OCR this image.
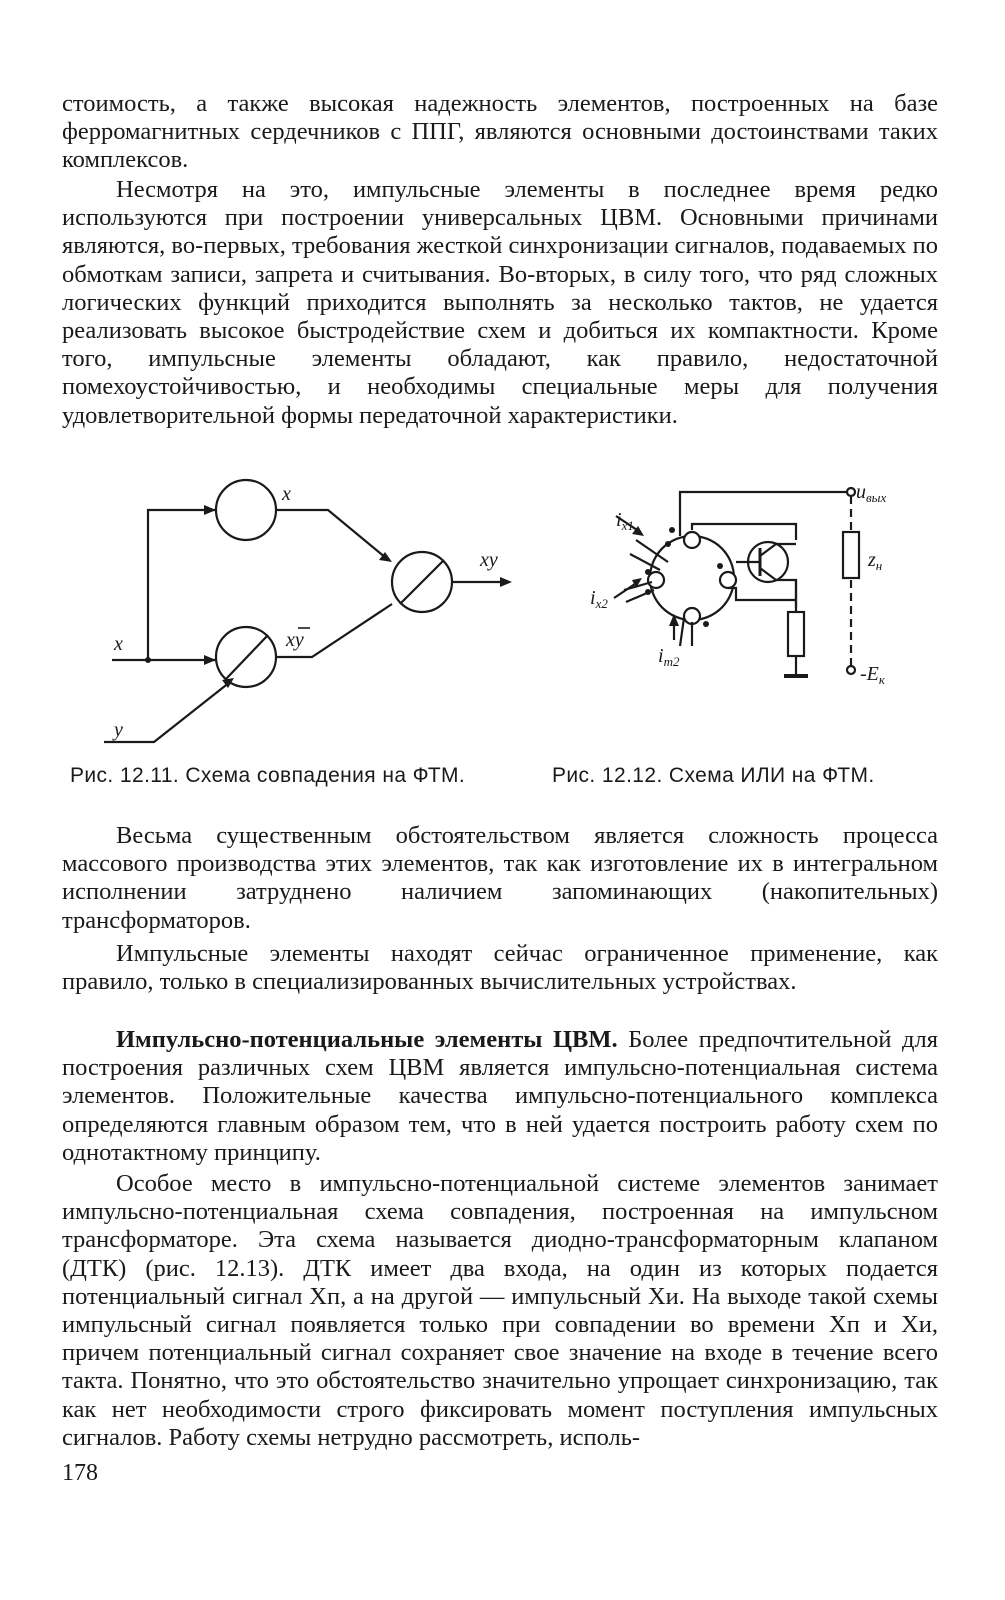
стоимость, а также высокая надежность элементов, построенных на базе ферромагнитных сердечников с ППГ, являются основными достоинствами таких комплексов.

Несмотря на это, импульсные элементы в последнее время редко используются при построении универсальных ЦВМ. Основными причинами являются, во-первых, требования жесткой синхронизации сигналов, подаваемых по обмоткам записи, запрета и считывания. Во-вторых, в силу того, что ряд сложных логических функций приходится выполнять за несколько тактов, не удается реализовать высокое быстродействие схем и добиться их компактности. Кроме того, импульсные элементы обладают, как правило, недостаточной помехоустойчивостью, и необходимы специальные меры для получения удовлетворительной формы передаточной характеристики.

x
x
y
xy
xy
Рис. 12.11. Схема совпадения на ФТМ.
$u_{вых}$
$i_{x1}$
$i_{x2}$
$i_{т2}$
$z_н$
$-E_к$
Рис. 12.12. Схема ИЛИ на ФТМ.

Весьма существенным обстоятельством является сложность процесса массового производства этих элементов, так как изготовление их в интегральном исполнении затруднено наличием запоминающих (накопительных) трансформаторов.

Импульсные элементы находят сейчас ограниченное применение, как правило, только в специализированных вычислительных устройствах.

Импульсно-потенциальные элементы ЦВМ. Более предпочтительной для построения различных схем ЦВМ является импульсно-потенциальная система элементов. Положительные качества импульсно-потенциального комплекса определяются главным образом тем, что в ней удается построить работу схем по однотактному принципу.

Особое место в импульсно-потенциальной системе элементов занимает импульсно-потенциальная схема совпадения, построенная на импульсном трансформаторе. Эта схема называется диодно-трансформаторным клапаном (ДТК) (рис. 12.13). ДТК имеет два входа, на один из которых подается потенциальный сигнал Xп, а на другой — импульсный Xи. На выходе такой схемы импульсный сигнал появляется только при совпадении во времени Xп и Xи, причем потенциальный сигнал сохраняет свое значение на входе в течение всего такта. Понятно, что это обстоятельство значительно упрощает синхронизацию, так как нет необходимости строго фиксировать момент поступления импульсных сигналов. Работу схемы нетрудно рассмотреть, исполь-

178
